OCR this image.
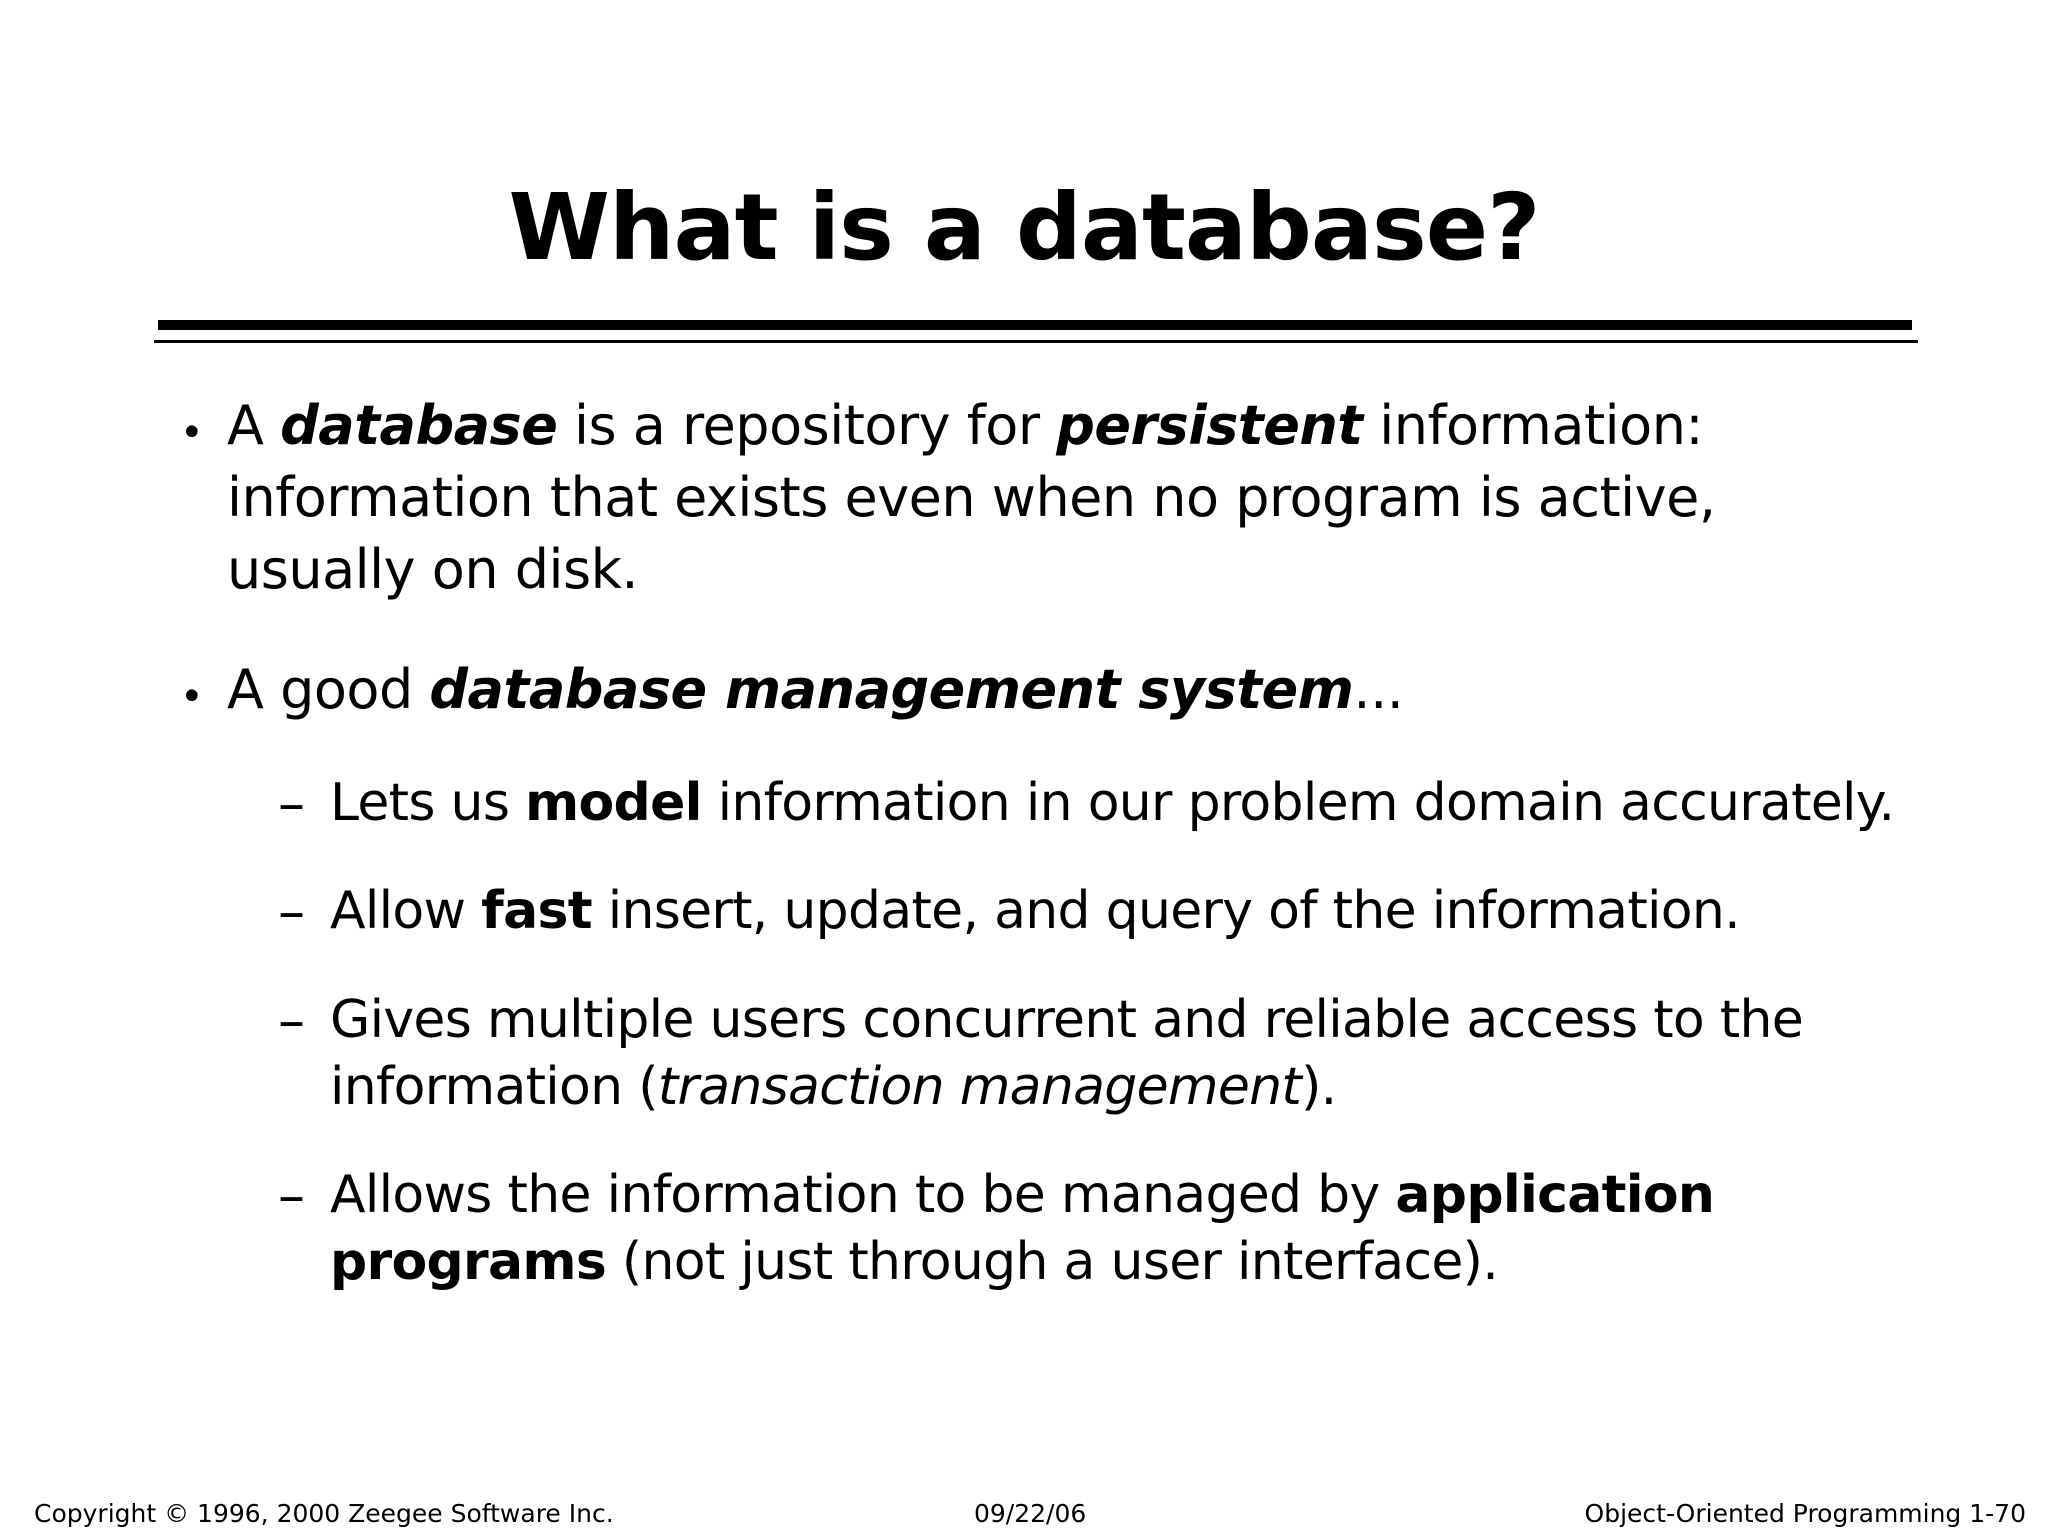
What is a database?
• A database is a repository for persistent information: information that exists even when no program is active, usually on disk.
• A good database management system...
– Lets us model information in our problem domain accurately.
– Allow fast insert, update, and query of the information.
– Gives multiple users concurrent and reliable access to the information (transaction management).
– Allows the information to be managed by application programs (not just through a user interface).
Copyright © 1996, 2000 Zeegee Software Inc.	09/22/06	Object-Oriented Programming 1-70
